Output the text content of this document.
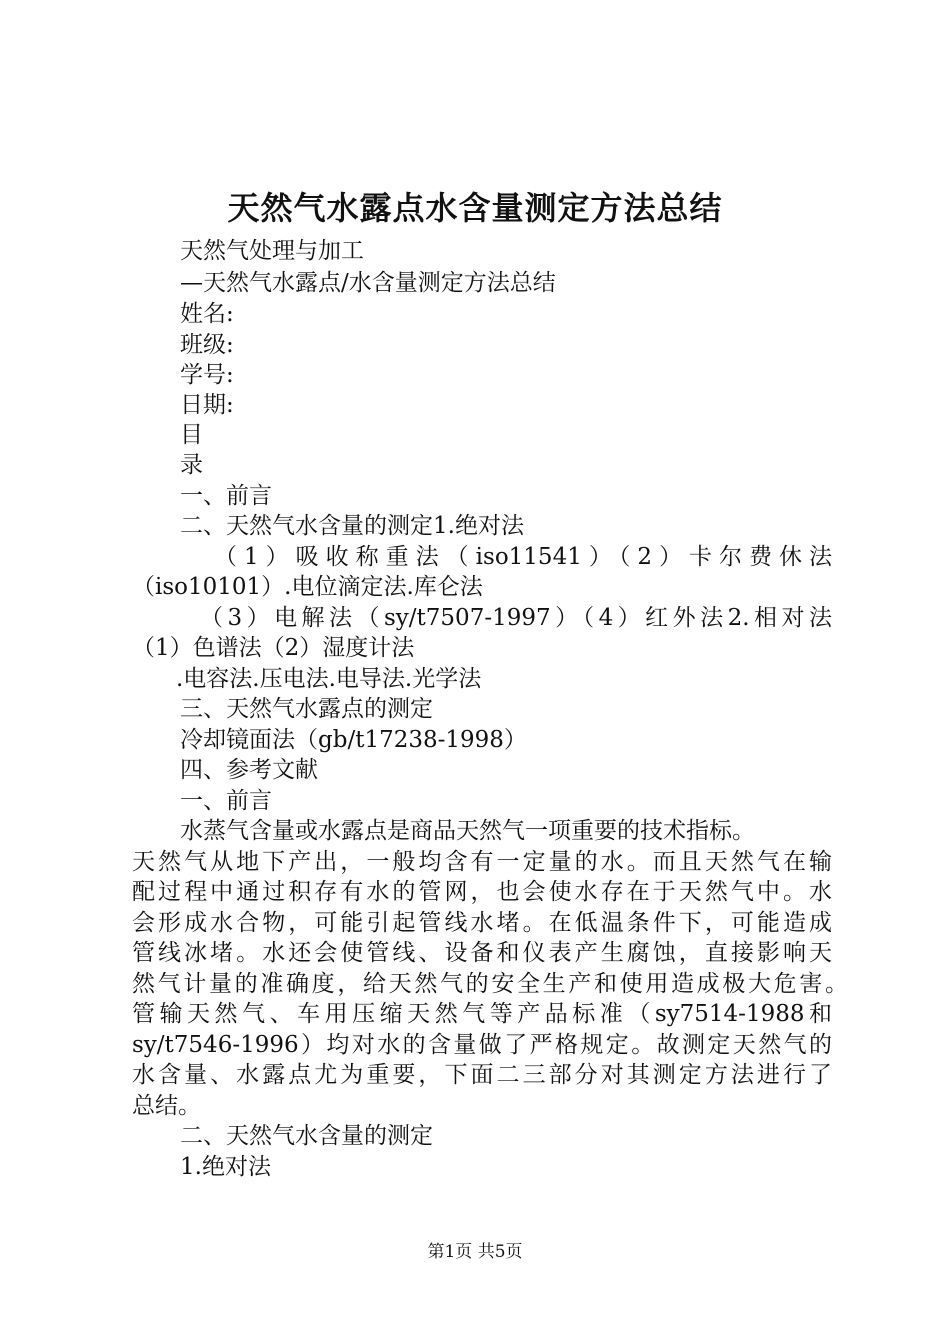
天然气水露点水含量测定方法总结
天然气处理与加工
—天然气水露点/水含量测定方法总结
姓名:
班级:
学号:
日期:
目
录
一、前言
二、天然气水含量的测定1.绝对法
（1）吸收称重法（iso11541）（2）卡尔费休法
（iso10101）.电位滴定法.库仑法
（3）电解法（sy/t7507-1997）（4）红外法2.相对法
（1）色谱法（2）湿度计法
.电容法.压电法.电导法.光学法
三、天然气水露点的测定
冷却镜面法（gb/t17238-1998）
四、参考文献
一、前言
水蒸气含量或水露点是商品天然气一项重要的技术指标。
天然气从地下产出，一般均含有一定量的水。而且天然气在输
配过程中通过积存有水的管网，也会使水存在于天然气中。水
会形成水合物，可能引起管线水堵。在低温条件下，可能造成
管线冰堵。水还会使管线、设备和仪表产生腐蚀，直接影响天
然气计量的准确度，给天然气的安全生产和使用造成极大危害。
管输天然气、车用压缩天然气等产品标准（sy7514-1988和
sy/t7546-1996）均对水的含量做了严格规定。故测定天然气的
水含量、水露点尤为重要，下面二三部分对其测定方法进行了
总结。
二、天然气水含量的测定
1.绝对法
第1页 共5页
